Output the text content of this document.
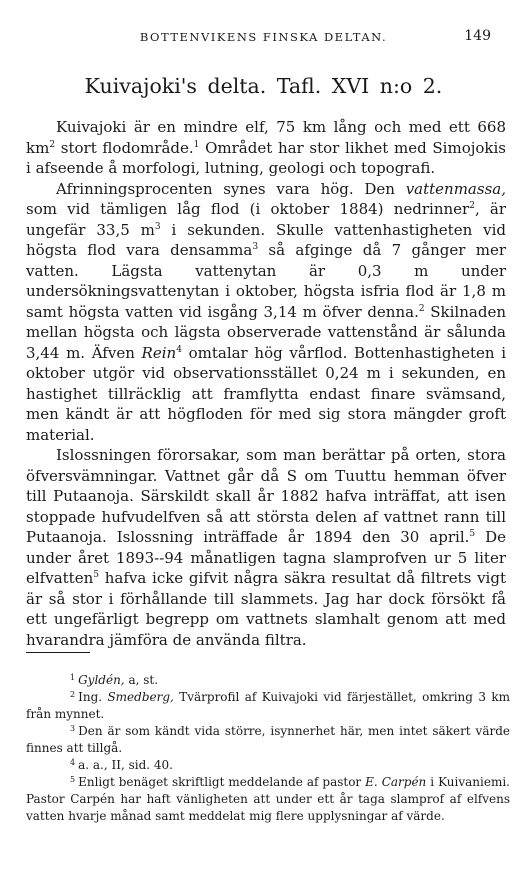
BOTTENVIKENS FINSKA DELTAN.	149
Kuivajoki's delta. Tafl. XVI n:o 2.

Kuivajoki är en mindre elf, 75 km lång och med ett 668 $km^2$ stort flodområde.$^1$ Området har stor likhet med Simojokis i afseende å morfologi, lutning, geologi och topografi.

Afrinningsprocenten synes vara hög. Den vattenmassa, som vid tämligen låg flod (i oktober 1884) nedrinner$^2$, är ungefär 33,5 $m^3$ i sekunden. Skulle vattenhastigheten vid högsta flod vara densamma$^3$ så afginge då 7 gånger mer vatten. Lägsta vattenytan är 0,3 m under undersökningsvattenytan i oktober, högsta isfria flod är 1,8 m samt högsta vatten vid isgång 3,14 m öfver denna.$^2$ Skilnaden mellan högsta och lägsta observerade vattenstånd är sålunda 3,44 m. Äfven Rein$^4$ omtalar hög vårflod. Bottenhastigheten i oktober utgör vid observationsstället 0,24 m i sekunden, en hastighet tillräcklig att framflytta endast finare svämsand, men kändt är att högfloden för med sig stora mängder groft material.

Islossningen förorsakar, som man berättar på orten, stora öfversvämningar. Vattnet går då S om Tuuttu hemman öfver till Putaanoja. Särskildt skall år 1882 hafva inträffat, att isen stoppade hufvudelfven så att största delen af vattnet rann till Putaanoja. Islossning inträffade år 1894 den 30 april.$^5$ De under året 1893--94 månatligen tagna slamprofven ur 5 liter elfvatten$^5$ hafva icke gifvit några säkra resultat då filtrets vigt är så stor i förhållande till slammets. Jag har dock försökt få ett ungefärligt begrepp om vattnets slamhalt genom att med hvarandra jämföra de använda filtra.

$^1$ Gyldén, a, st.

$^2$ Ing. Smedberg, Tvärprofil af Kuivajoki vid färjestället, omkring 3 km från mynnet.

$^3$ Den är som kändt vida större, isynnerhet här, men intet säkert värde finnes att tillgå.

$^4$ a. a., II, sid. 40.

$^5$ Enligt benäget skriftligt meddelande af pastor E. Carpén i Kuivaniemi. Pastor Carpén har haft vänligheten att under ett år taga slamprof af elfvens vatten hvarje månad samt meddelat mig flere upplysningar af värde.
